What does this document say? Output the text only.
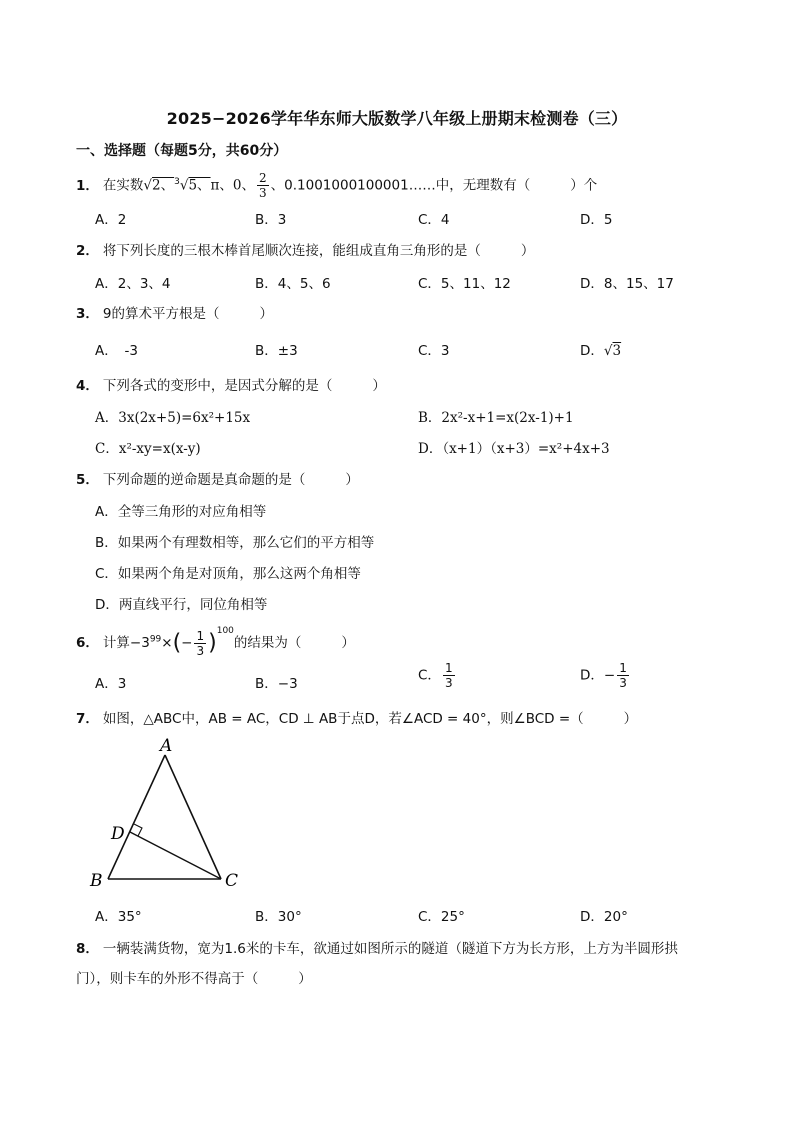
2025−2026学年华东师大版数学八年级上册期末检测卷（三）
一、选择题（每题5分，共60分）
1． 在实数√2、$^3$√5、π、0、 $\frac{2}{3}$ 、0.1001000100001……中，无理数有（	）个
A．2	B．3	C．4	D．5
2． 将下列长度的三根木棒首尾顺次连接，能组成直角三角形的是（	）
A．2、3、4	B．4、5、6	C．5、11、12	D．8、15、17
3． 9的算术平方根是（	）
A．　-3	B．±3	C．3	D．√3
4． 下列各式的变形中，是因式分解的是（	）
A．3x(2x+5)=6x²+15x	B．2x²-x+1=x(2x-1)+1
C．x²-xy=x(x-y)	D．（x+1）（x+3）=x²+4x+3
5． 下列命题的逆命题是真命题的是（	）
A．全等三角形的对应角相等
B．如果两个有理数相等，那么它们的平方相等
C．如果两个角是对顶角，那么这两个角相等
D．两直线平行，同位角相等
6． 计算$-3^{99}\times(- \frac{1}{3} )^{100}$的结果为（	）
A．3	B．−3
C． $\frac{1}{3}$	D．− $\frac{1}{3}$
7． 如图，△ABC中，AB = AC，CD ⊥ AB于点D，若∠ACD = 40°，则∠BCD =（	）
A
B	C
D
A．35°	B．30°	C．25°	D．20°
8． 一辆装满货物，宽为1.6米的卡车，欲通过如图所示的隧道（隧道下方为长方形，上方为半圆形拱
门），则卡车的外形不得高于（	）
